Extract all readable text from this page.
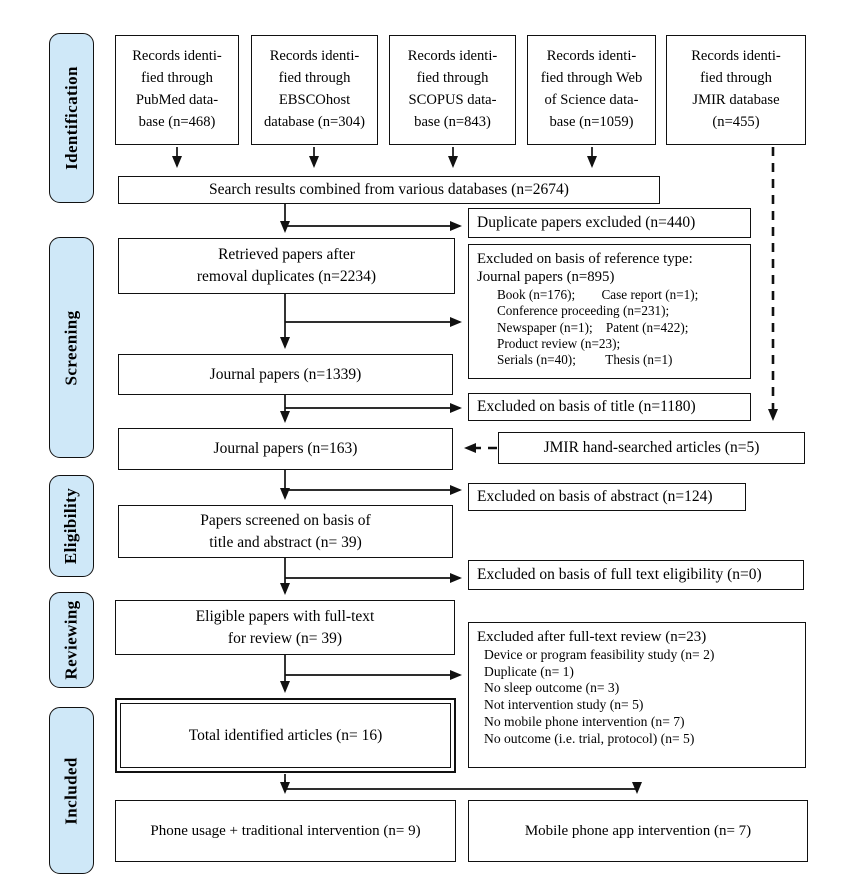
Identification
Screening
Eligibility
Reviewing
Included
Records identi-
fied through
PubMed data-
base (n=468)
Records identi-
fied through
EBSCOhost
database (n=304)
Records identi-
fied through
SCOPUS data-
base (n=843)
Records identi-
fied through Web
of Science data-
base (n=1059)
Records identi-
fied through
JMIR database
(n=455)
Search results combined from various databases (n=2674)
Retrieved papers after
removal duplicates (n=2234)
Journal papers (n=1339)
Journal papers (n=163)
Papers screened on basis of
title and abstract (n= 39)
Eligible papers with full-text
for review (n= 39)
Total identified articles (n= 16)
Phone usage + traditional intervention (n= 9)	Mobile phone app intervention (n= 7)
Duplicate papers excluded (n=440)
Excluded on basis of reference type:
Journal papers (n=895)
Book (n=176);        Case report (n=1);
Conference proceeding (n=231);
Newspaper (n=1);    Patent (n=422);
Product review (n=23);
Serials (n=40);         Thesis (n=1)
Excluded on basis of title (n=1180)
JMIR hand-searched articles (n=5)
Excluded on basis of abstract (n=124)
Excluded on basis of full text eligibility (n=0)
Excluded after full-text review (n=23)
Device or program feasibility study (n= 2)
Duplicate (n= 1)
No sleep outcome (n= 3)
Not intervention study (n= 5)
No mobile phone intervention (n= 7)
No outcome (i.e. trial, protocol) (n= 5)
